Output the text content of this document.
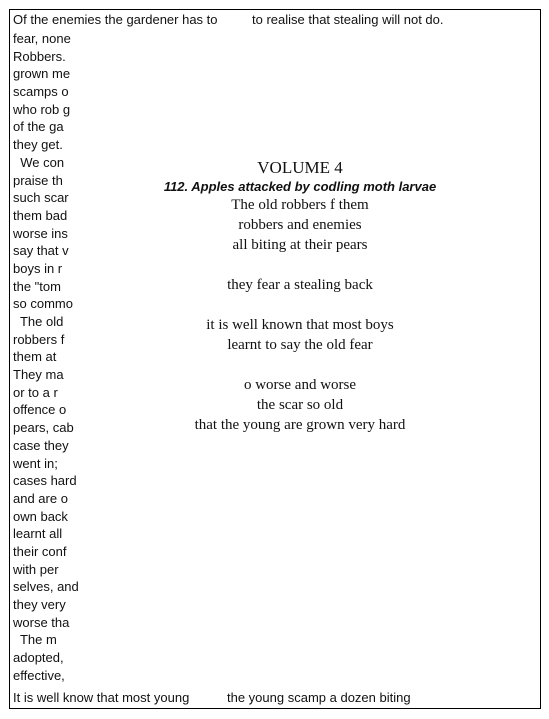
Of the enemies the gardener has to	to realise that stealing will not do.
fear, none
Robbers.
grown me
scamps o
who rob g
of the ga
they get.
We con
praise th
such scar
them bad
worse ins
say that v
boys in r
the "tom
so commo
The old
robbers f
them at
They ma
or to a r
offence o
pears, cab
case they
went in;
cases hard
and are o
own back
learnt all
their conf
with per
selves, and
they very
worse tha
The m
adopted,
effective,

VOLUME 4

112. Apples attacked by codling moth larvae

The old robbers f them
robbers and enemies
all biting at their pears
they fear a stealing back
it is well known that most boys
learnt to say the old fear
o worse and worse
the scar so old
that the young are grown very hard
It is well know that most young	the young scamp a dozen biting
